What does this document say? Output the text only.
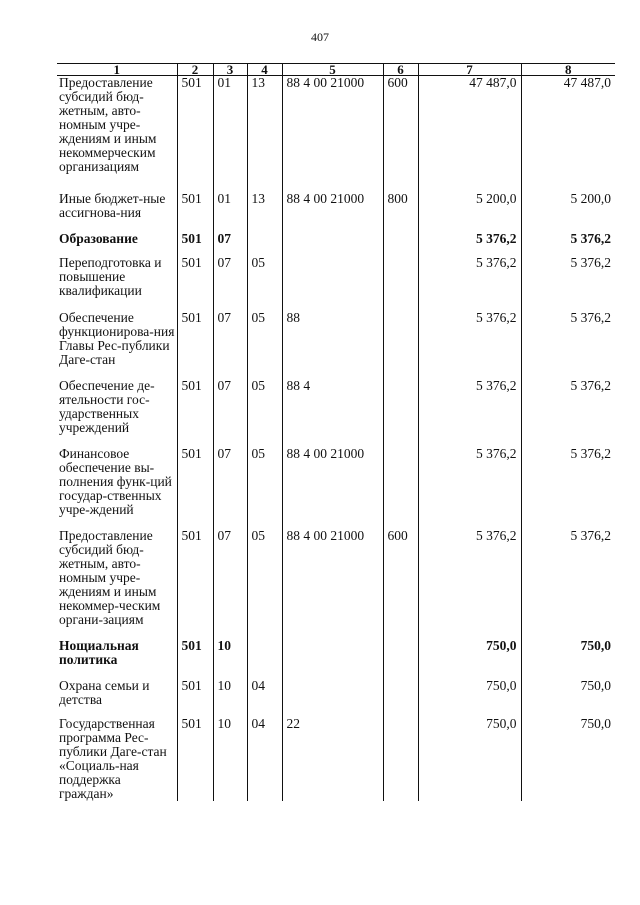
407
1	2	3	4	5	6	7	8
Предоставление субсидий бюд-жетным, авто-номным учре-ждениям и иным некоммерческим организациям	501	01	13	88 4 00 21000	600	47 487,0	47 487,0
Иные бюджет-ные ассигнова-ния	501	01	13	88 4 00 21000	800	5 200,0	5 200,0
Образование	501	07				5 376,2	5 376,2
Переподготовка и повышение квалификации	501	07	05			5 376,2	5 376,2
Обеспечение функционирова-ния Главы Рес-публики Даге-стан	501	07	05	88		5 376,2	5 376,2
Обеспечение де-ятельности гос-ударственных учреждений	501	07	05	88 4		5 376,2	5 376,2
Финансовое обеспечение вы-полнения функ-ций государ-ственных учре-ждений	501	07	05	88 4 00 21000		5 376,2	5 376,2
Предоставление субсидий бюд-жетным, авто-номным учре-ждениям и иным некоммер-ческим органи-зациям	501	07	05	88 4 00 21000	600	5 376,2	5 376,2
Нощиальная политика	501	10				750,0	750,0
Охрана семьи и детства	501	10	04			750,0	750,0
Государственная программа Рес-публики Даге-стан «Социаль-ная поддержка граждан»	501	10	04	22		750,0	750,0
